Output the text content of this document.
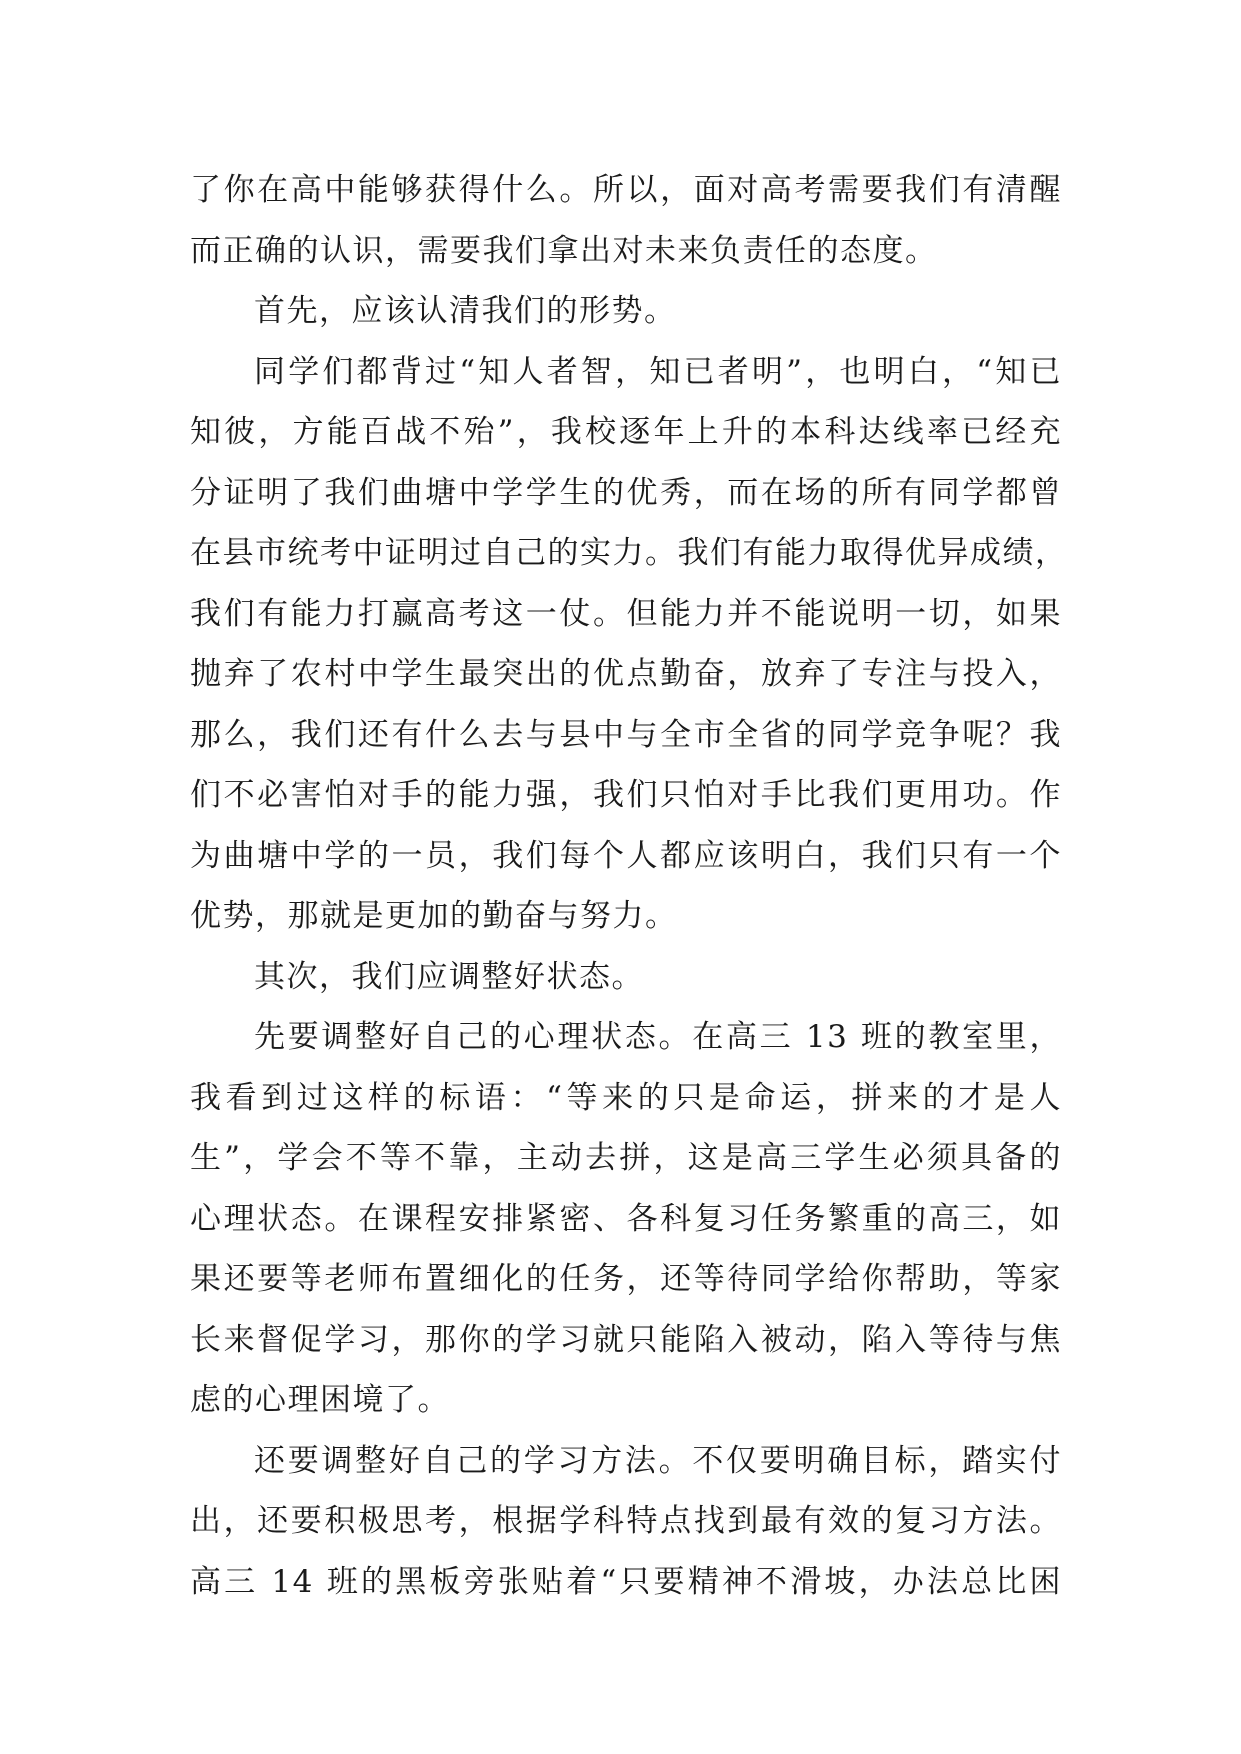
了你在高中能够获得什么。所以，面对高考需要我们有清醒
而正确的认识，需要我们拿出对未来负责任的态度。
首先，应该认清我们的形势。
同学们都背过“知人者智，知已者明”，也明白，“知已
知彼，方能百战不殆”，我校逐年上升的本科达线率已经充
分证明了我们曲塘中学学生的优秀，而在场的所有同学都曾
在县市统考中证明过自己的实力。我们有能力取得优异成绩，
我们有能力打赢高考这一仗。但能力并不能说明一切，如果
抛弃了农村中学生最突出的优点勤奋，放弃了专注与投入，
那么，我们还有什么去与县中与全市全省的同学竞争呢？我
们不必害怕对手的能力强，我们只怕对手比我们更用功。作
为曲塘中学的一员，我们每个人都应该明白，我们只有一个
优势，那就是更加的勤奋与努力。
其次，我们应调整好状态。
先要调整好自己的心理状态。在高三 13 班的教室里，
我看到过这样的标语：“等来的只是命运，拼来的才是人
生”，学会不等不靠，主动去拼，这是高三学生必须具备的
心理状态。在课程安排紧密、各科复习任务繁重的高三，如
果还要等老师布置细化的任务，还等待同学给你帮助，等家
长来督促学习，那你的学习就只能陷入被动，陷入等待与焦
虑的心理困境了。
还要调整好自己的学习方法。不仅要明确目标，踏实付
出，还要积极思考，根据学科特点找到最有效的复习方法。
高三 14 班的黑板旁张贴着“只要精神不滑坡，办法总比困
